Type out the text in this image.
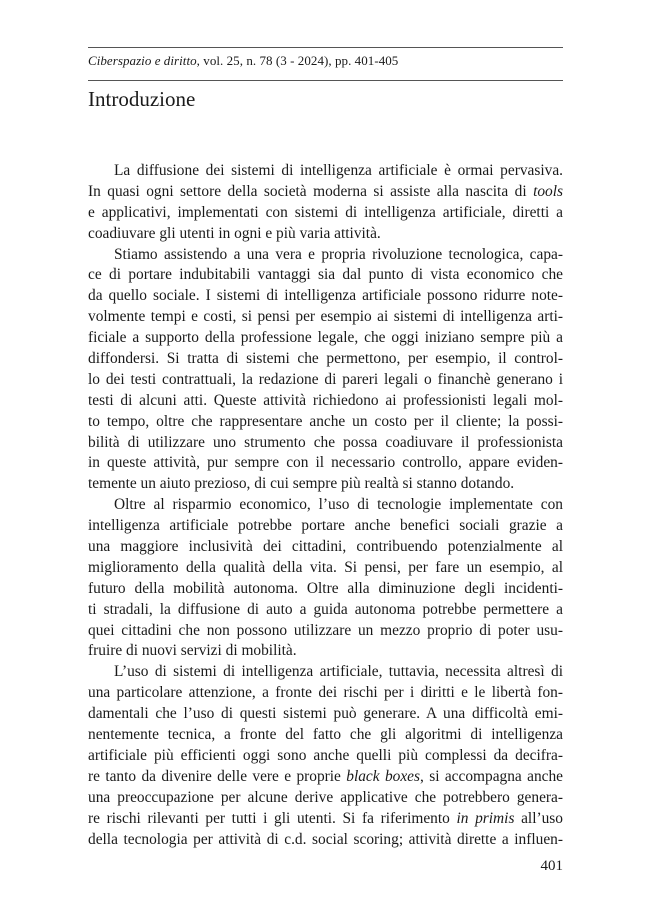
Ciberspazio e diritto, vol. 25, n. 78 (3 - 2024), pp. 401-405
Introduzione
La diffusione dei sistemi di intelligenza artificiale è ormai pervasiva.
In quasi ogni settore della società moderna si assiste alla nascita di tools
e applicativi, implementati con sistemi di intelligenza artificiale, diretti a
coadiuvare gli utenti in ogni e più varia attività.
Stiamo assistendo a una vera e propria rivoluzione tecnologica, capa-
ce di portare indubitabili vantaggi sia dal punto di vista economico che
da quello sociale. I sistemi di intelligenza artificiale possono ridurre note-
volmente tempi e costi, si pensi per esempio ai sistemi di intelligenza arti-
ficiale a supporto della professione legale, che oggi iniziano sempre più a
diffondersi. Si tratta di sistemi che permettono, per esempio, il control-
lo dei testi contrattuali, la redazione di pareri legali o financhè generano i
testi di alcuni atti. Queste attività richiedono ai professionisti legali mol-
to tempo, oltre che rappresentare anche un costo per il cliente; la possi-
bilità di utilizzare uno strumento che possa coadiuvare il professionista
in queste attività, pur sempre con il necessario controllo, appare eviden-
temente un aiuto prezioso, di cui sempre più realtà si stanno dotando.
Oltre al risparmio economico, l’uso di tecnologie implementate con
intelligenza artificiale potrebbe portare anche benefici sociali grazie a
una maggiore inclusività dei cittadini, contribuendo potenzialmente al
miglioramento della qualità della vita. Si pensi, per fare un esempio, al
futuro della mobilità autonoma. Oltre alla diminuzione degli incidenti-
ti stradali, la diffusione di auto a guida autonoma potrebbe permettere a
quei cittadini che non possono utilizzare un mezzo proprio di poter usu-
fruire di nuovi servizi di mobilità.
L’uso di sistemi di intelligenza artificiale, tuttavia, necessita altresì di
una particolare attenzione, a fronte dei rischi per i diritti e le libertà fon-
damentali che l’uso di questi sistemi può generare. A una difficoltà emi-
nentemente tecnica, a fronte del fatto che gli algoritmi di intelligenza
artificiale più efficienti oggi sono anche quelli più complessi da decifra-
re tanto da divenire delle vere e proprie black boxes, si accompagna anche
una preoccupazione per alcune derive applicative che potrebbero genera-
re rischi rilevanti per tutti i gli utenti. Si fa riferimento in primis all’uso
della tecnologia per attività di c.d. social scoring; attività dirette a influen-
401
